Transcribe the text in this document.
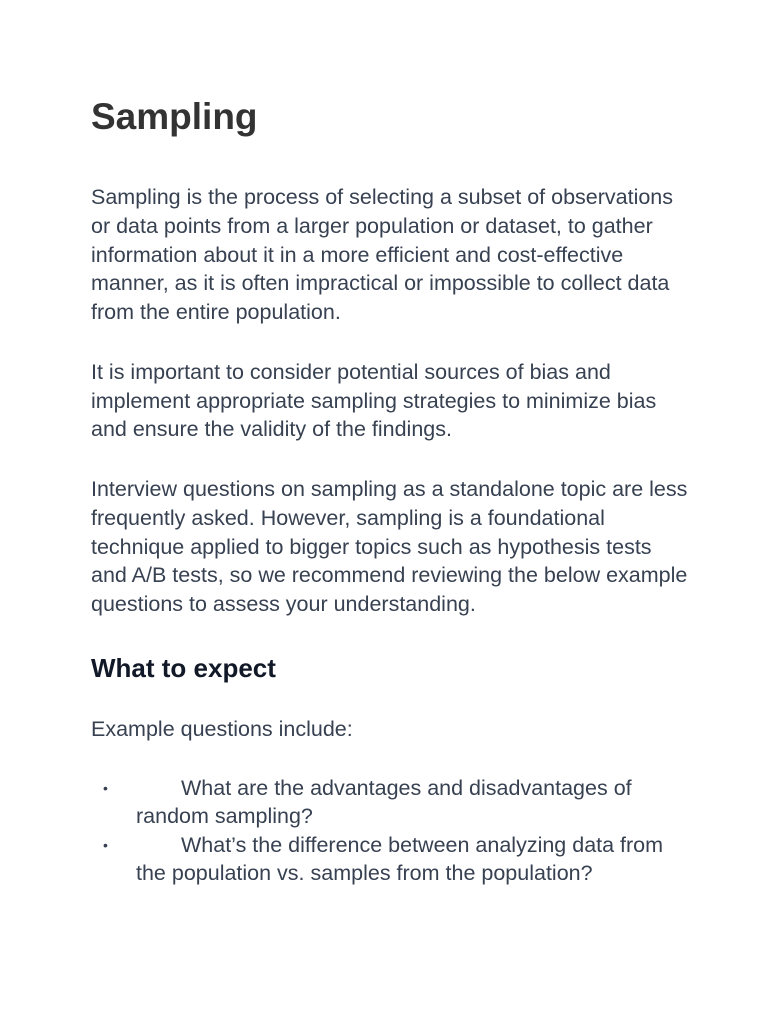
Sampling

Sampling is the process of selecting a subset of observations or data points from a larger population or dataset, to gather information about it in a more efficient and cost-effective manner, as it is often impractical or impossible to collect data from the entire population.

It is important to consider potential sources of bias and implement appropriate sampling strategies to minimize bias and ensure the validity of the findings.

Interview questions on sampling as a standalone topic are less frequently asked. However, sampling is a foundational technique applied to bigger topics such as hypothesis tests and A/B tests, so we recommend reviewing the below example questions to assess your understanding.

What to expect

Example questions include:

•	What are the advantages and disadvantages of random sampling?
•	What’s the difference between analyzing data from the population vs. samples from the population?
